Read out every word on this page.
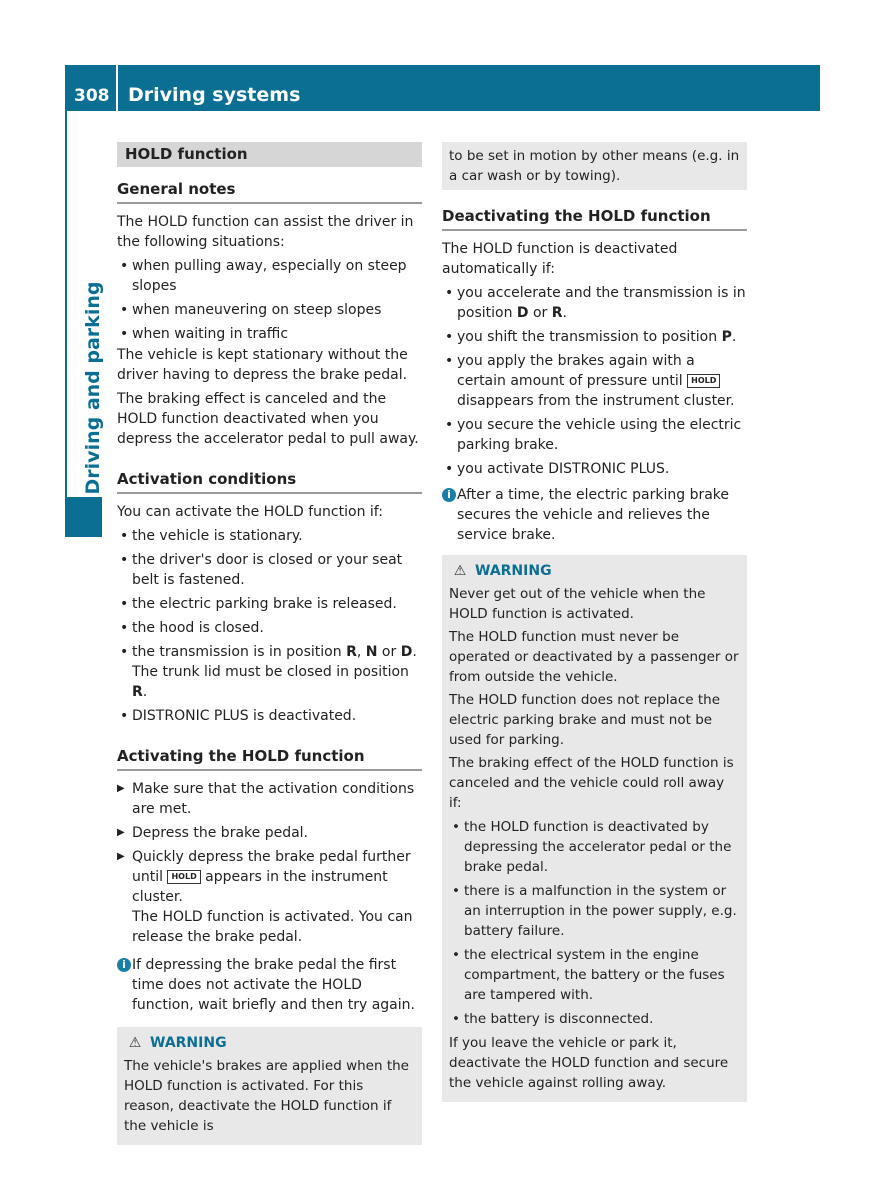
308 Driving systems
Driving and parking
HOLD function
General notes

The HOLD function can assist the driver in the following situations:

• when pulling away, especially on steep slopes
• when maneuvering on steep slopes
• when waiting in traffic

The vehicle is kept stationary without the driver having to depress the brake pedal.

The braking effect is canceled and the HOLD function deactivated when you depress the accelerator pedal to pull away.

Activation conditions

You can activate the HOLD function if:

• the vehicle is stationary.
• the driver's door is closed or your seat belt is fastened.
• the electric parking brake is released.
• the hood is closed.
• the transmission is in position R, N or D. The trunk lid must be closed in position R.
• DISTRONIC PLUS is deactivated.
Activating the HOLD function
▶ Make sure that the activation conditions are met.
▶ Depress the brake pedal.
▶ Quickly depress the brake pedal further until HOLD appears in the instrument cluster.
The HOLD function is activated. You can release the brake pedal.
i If depressing the brake pedal the first time does not activate the HOLD function, wait briefly and then try again.
⚠ WARNING

The vehicle's brakes are applied when the HOLD function is activated. For this reason, deactivate the HOLD function if the vehicle is

to be set in motion by other means (e.g. in a car wash or by towing).
Deactivating the HOLD function

The HOLD function is deactivated automatically if:

• you accelerate and the transmission is in position D or R.
• you shift the transmission to position P.
• you apply the brakes again with a certain amount of pressure until HOLD disappears from the instrument cluster.
• you secure the vehicle using the electric parking brake.
• you activate DISTRONIC PLUS.
i After a time, the electric parking brake secures the vehicle and relieves the service brake.
⚠ WARNING

Never get out of the vehicle when the HOLD function is activated.

The HOLD function must never be operated or deactivated by a passenger or from outside the vehicle.

The HOLD function does not replace the electric parking brake and must not be used for parking.

The braking effect of the HOLD function is canceled and the vehicle could roll away if:

• the HOLD function is deactivated by depressing the accelerator pedal or the brake pedal.
• there is a malfunction in the system or an interruption in the power supply, e.g. battery failure.
• the electrical system in the engine compartment, the battery or the fuses are tampered with.
• the battery is disconnected.

If you leave the vehicle or park it, deactivate the HOLD function and secure the vehicle against rolling away.
